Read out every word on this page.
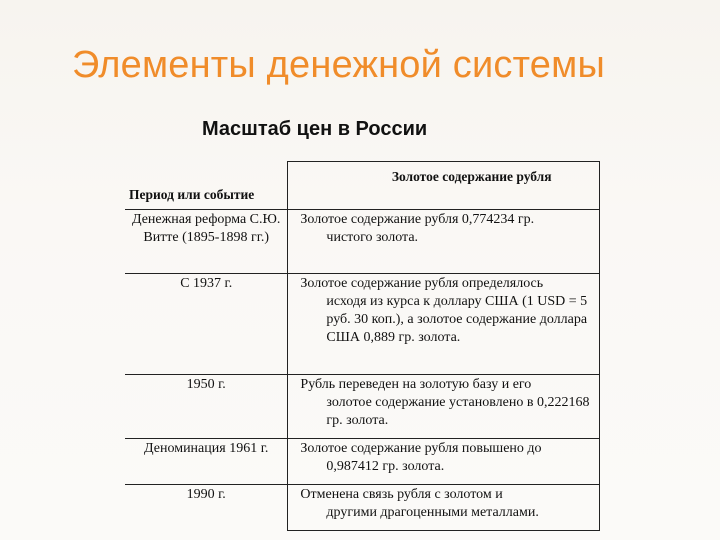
Элементы денежной системы
Масштаб цен в России
Период или событие	Золотое содержание рубля
Денежная реформа С.Ю. Витте (1895-1898 гг.)	Золотое содержание рубля 0,774234 гр.
чистого золота.

С 1937 г.	Золотое содержание рубля определялось
исходя из курса к доллару США (1 USD = 5 руб. 30 коп.), а золотое содержание доллара США 0,889 гр. золота.

1950 г.	Рубль переведен на золотую базу и его
золотое содержание установлено в 0,222168 гр. золота.

Деноминация 1961 г.	Золотое содержание рубля повышено до
0,987412 гр. золота.

1990 г.	Отменена связь рубля с золотом и
другими драгоценными металлами.
